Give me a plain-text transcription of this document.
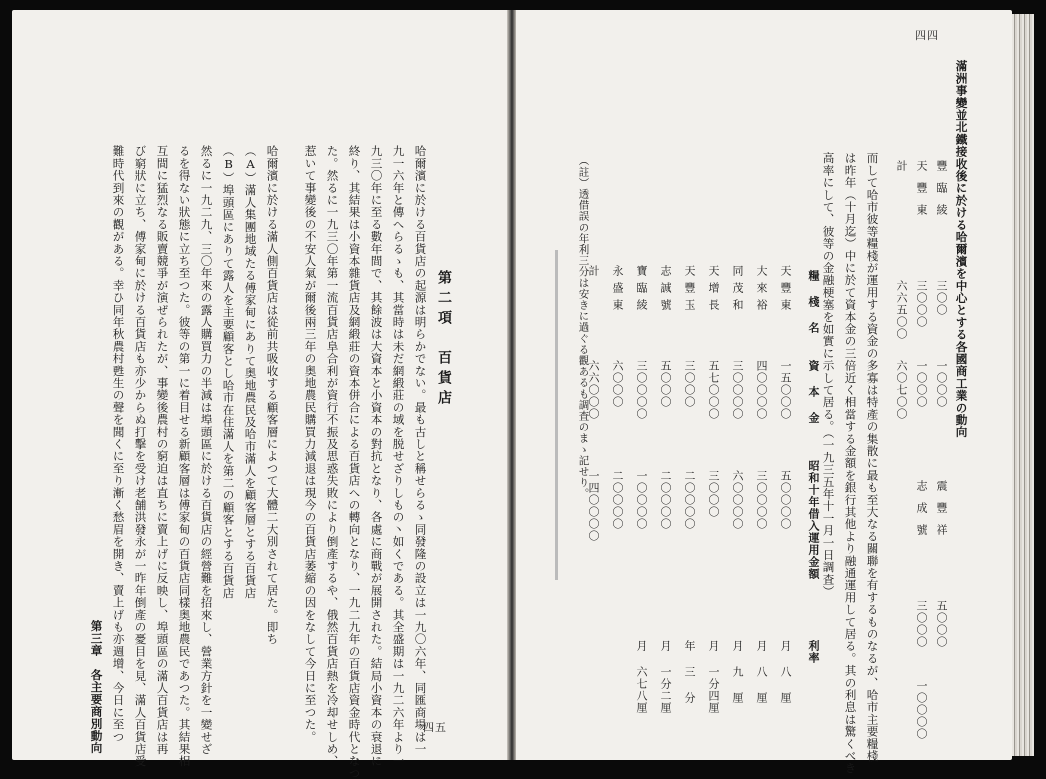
哈爾濱に於ける百貨店の起源は明らかでない。最も古しと稱せらるゝ同發隆の設立は一九〇六年、同匯商場は一
九一六年と傳へらるゝも、其當時は未だ網緞莊の域を脱せざりしもの丶如くである。其全盛期は一九二六年より一
九三〇年に至る數年間で、其餘波は大資本と小資本の對抗となり、各處に商戰が展開された。結局小資本の衰退に
終り、其結果は小資本雜貨店及網緞莊の資本併合による百貨店への轉向となり、一九二九年の百貨店資金時代となつ
た。然るに一九三〇年第一流百貨店阜合利が資行不振及思惑失敗により倒產するや、俄然百貨店熱を冷却せしめ、
惹いて事變後の不安人氣が爾後兩三年の奥地農民購買力減退は現今の百貨店萎縮の因をなして今日に至つた。
哈爾濱に於ける滿人側百貨店は從前共吸收する顧客層によつて大體二大別されて居た。即ち
（A）滿人集團地域たる傅家甸にありて奥地農民及哈市滿人を顧客層とする百貨店
（B）埠頭區にありて露人を主要顧客とし哈市在住滿人を第二の顧客とする百貨店
然るに一九二九、三〇年來の露人購買力の半減は埠頭區に於ける百貨店の經營難を招來し、營業方針を一變せざ
るを得ない狀態に立ち至つた。彼等の第一に着目せる新顧客層は傅家甸の百貨店同樣奥地農民であつた。其結果相
互間に猛烈なる販賣競爭が演ぜられたが、事變後農村の窮迫は直ちに賣上げに反映し、埠頭區の滿人百貨店は再
び窮狀に立ち、傅家甸に於ける百貨店も亦少からぬ打擊を受け老舗洪發永が一昨年倒產の憂目を見、滿人百貨店受
難時代到來の觀がある。幸ひ同年秋農村甦生の聲を聞くに至り漸く愁眉を開き、賣上げも亦週增、今日に至つ	第二項　百貨店
第三章　各主要商別動向	四五
滿洲事變並北鐵接收後に於ける哈爾濱を中心とする各國商工業の動向
四四
豐
臨
綾
三〇〇
一〇〇〇
震
豐
祥
五〇〇〇
天
豐
東
三〇〇〇
一〇〇〇
志
成
號
三〇〇〇
一〇〇〇〇
計
六六五〇〇
六〇七〇〇
而して哈市彼等糧棧が運用する資金の多寡は特產の集散に最も至大なる關聯を有するものなるが、哈市主要糧棧
は昨年（十月迄）中に於て資本金の三倍近く相當する金額を銀行其他より融通運用して居る。其の利息は驚くべき
高率にして、彼等の金融梗塞を如實に示して居る。（一九三五年十一月一日調査）
糧 棧 名
資 本 金
昭和十年借入運用金額
利率
天豐東
一五〇〇〇
五〇〇〇〇
月 八 厘
大來裕
四〇〇〇〇
三〇〇〇〇
月 八 厘
同茂和
三〇〇〇〇
六〇〇〇〇
月 九 厘
天增長
五七〇〇〇
三〇〇〇
月 一分四厘
天豐玉
三〇〇〇
二〇〇〇〇
年 三 分
志誠號
五〇〇〇
二〇〇〇〇
月 一分二厘
寶臨綾
三〇〇〇〇
一〇〇〇〇
月 六七八厘
永盛東
六〇〇〇
二〇〇〇〇
計
六六〇〇〇
一四〇〇〇〇
（註）透借誤の年利三分は安きに過ぐる觀あるも調査のまゝ記せり。
